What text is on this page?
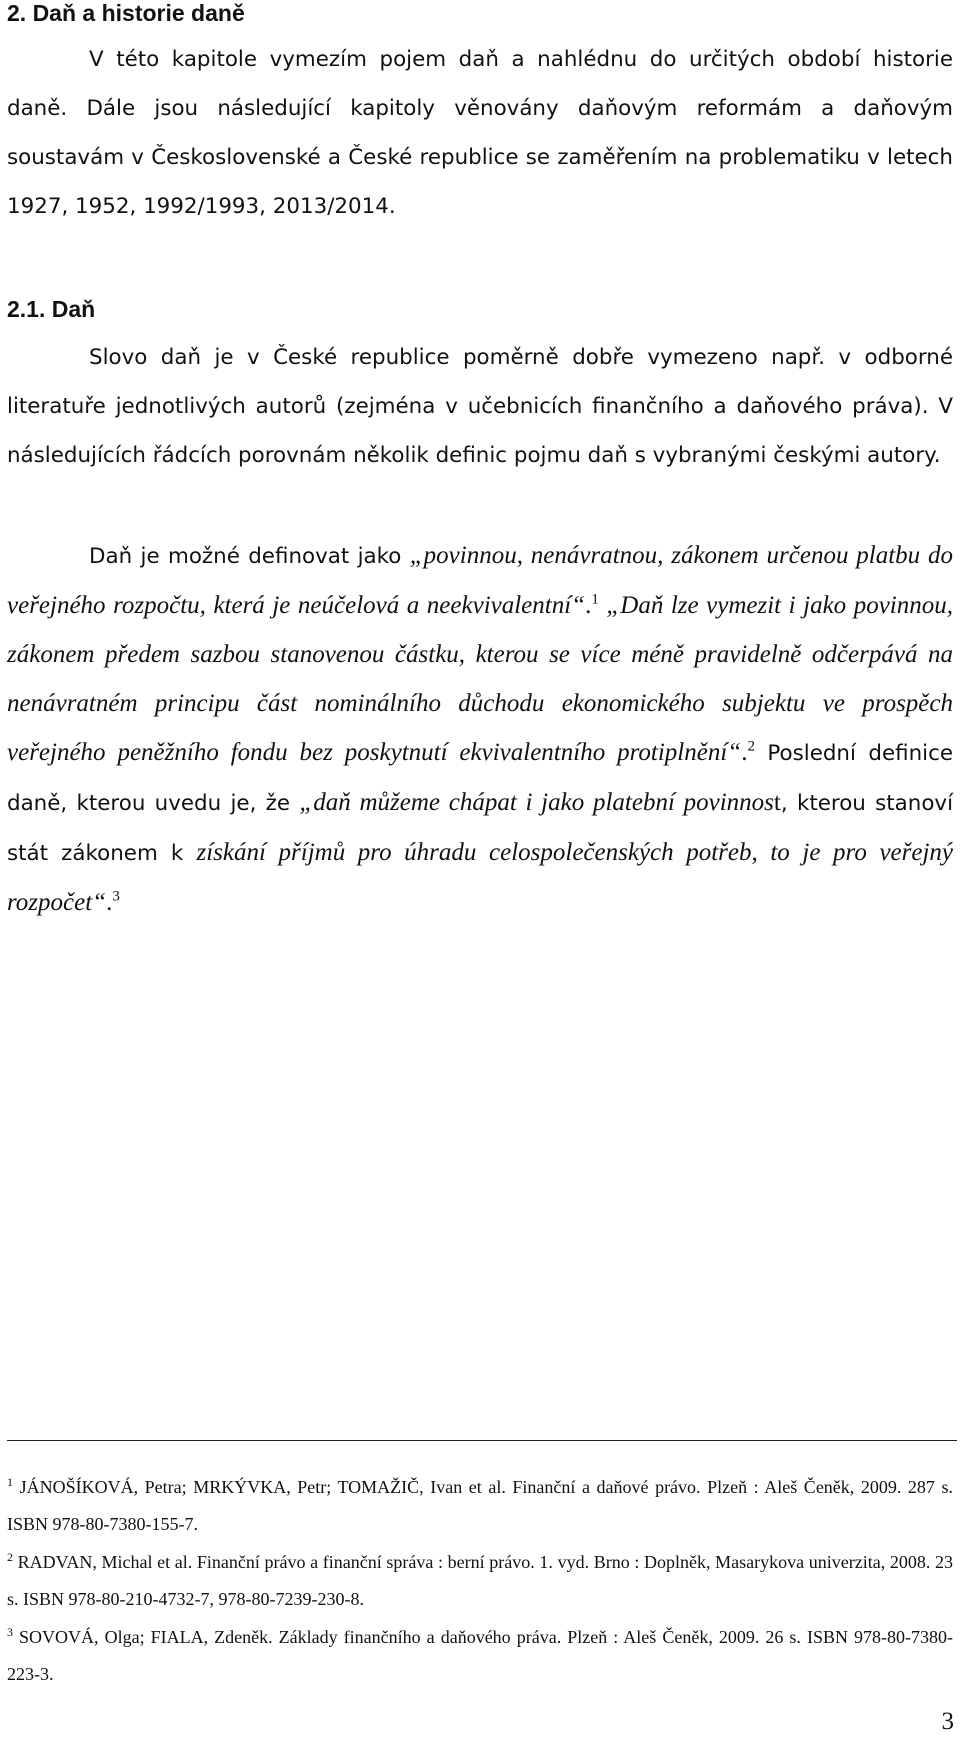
2. Daň a historie daně

V této kapitole vymezím pojem daň a nahlédnu do určitých období historie daně. Dále jsou následující kapitoly věnovány daňovým reformám a daňovým soustavám v Československé a České republice se zaměřením na problematiku v letech 1927, 1952, 1992/1993, 2013/2014.

2.1. Daň

Slovo daň je v České republice poměrně dobře vymezeno např. v odborné literatuře jednotlivých autorů (zejména v učebnicích finančního a daňového práva). V následujících řádcích porovnám několik definic pojmu daň s vybranými českými autory.

Daň je možné definovat jako „povinnou, nenávratnou, zákonem určenou platbu do veřejného rozpočtu, která je neúčelová a neekvivalentní“.$^1$ „Daň lze vymezit i jako povinnou, zákonem předem sazbou stanovenou částku, kterou se více méně pravidelně odčerpává na nenávratném principu část nominálního důchodu ekonomického subjektu ve prospěch veřejného peněžního fondu bez poskytnutí ekvivalentního protiplnění“.$^2$ Poslední definice daně, kterou uvedu je, že „daň můžeme chápat i jako platební povinnost, kterou stanoví stát zákonem k získání příjmů pro úhradu celospolečenských potřeb, to je pro veřejný rozpočet“.$^3$

$^1$ JÁNOŠÍKOVÁ, Petra; MRKÝVKA, Petr; TOMAŽIČ, Ivan et al. Finanční a daňové právo. Plzeň : Aleš Čeněk, 2009. 287 s. ISBN 978-80-7380-155-7.

$^2$ RADVAN, Michal et al. Finanční právo a finanční správa : berní právo. 1. vyd. Brno : Doplněk, Masarykova univerzita, 2008. 23 s. ISBN 978-80-210-4732-7, 978-80-7239-230-8.

$^3$ SOVOVÁ, Olga; FIALA, Zdeněk. Základy finančního a daňového práva. Plzeň : Aleš Čeněk, 2009. 26 s. ISBN 978-80-7380-223-3.

3
